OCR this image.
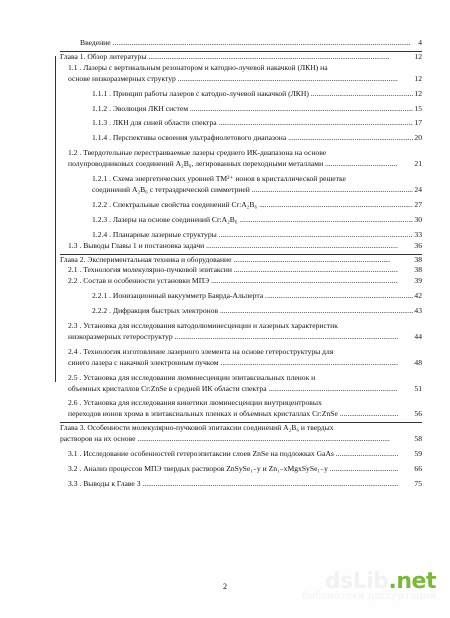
Введение .....	4
Глава 1. Обзор литературы .....	12
1.1 . Лазеры с вертикальным резонатором и катодно-лучевой накачкой (ЛКН) на
основе низкоразмерных структур .....	12
1.1.1 . Принцип работы лазеров с катодно-лучевой накачкой (ЛКН) .....	12
1.1.2 . Эволюция ЛКН систем .....	15
1.1.3 . ЛКН для синей области спектра .....	17
1.1.4 . Перспективы освоения ультрафиолетового диапазона .....	20
1.2 . Твердотельные перестраиваемые лазеры среднего ИК-диапазона на основе
полупроводниковых соединений A₂B₆, легированных переходными металлами .....	21
1.2.1 . Схема энергетических уровней TM²⁺ ионов в кристаллической решетке
соединений A₂B₆ с тетраэдрической симметрией .....	24
1.2.2 . Спектральные свойства соединений Cr:A₂B₆ .....	27
1.2.3 . Лазеры на основе соединений Cr:A₂B₆ .....	30
1.2.4 . Планарные лазерные структуры .....	33
1.3 . Выводы Главы 1 и постановка задачи .....	36
Глава 2. Экспериментальная техника и оборудование .....	38
2.1 . Технология молекулярно-пучковой эпитаксии .....	38
2.2 . Состав и особенности установки МПЭ .....	39
2.2.1 . Ионизационный вакуумметр Баярда-Альперта .....	42
2.2.2 . Дифракция быстрых электронов .....	43
2.3 . Установка для исследования катодолюминесценции и лазерных характеристик
низкоразмерных гетероструктур .....	44
2.4 . Технология изготовление лазерного элемента на основе гетероструктуры для
синего лазера с накачкой электронным пучком .....	48
2.5 . Установка для исследования люминесценции эпитаксиальных пленок и
объемных кристаллов Cr:ZnSe в средней ИК области спектра .....	51
2.6 . Установка для исследования кинетики люминесценции внутрицентровых
переходов ионов хрома в эпитаксиальных пленках и объемных кристаллах Cr:ZnSe .....	56
Глава 3. Особенности молекулярно-пучковой эпитаксии соединений A₂B₆ и твердых
растворов на их основе .....	58
3.1 . Исследование особенностей гетероэпитаксии слоев ZnSe на подложках GaAs .....	59
3.2 . Анализ процессов МПЭ твердых растворов ZnSySe₁₋y и Zn₁₋xMgxSySe₁₋y .....	66
3.3 . Выводы к Главе 3 .....	75
2	dsLib.net
библиотека диссертаций
